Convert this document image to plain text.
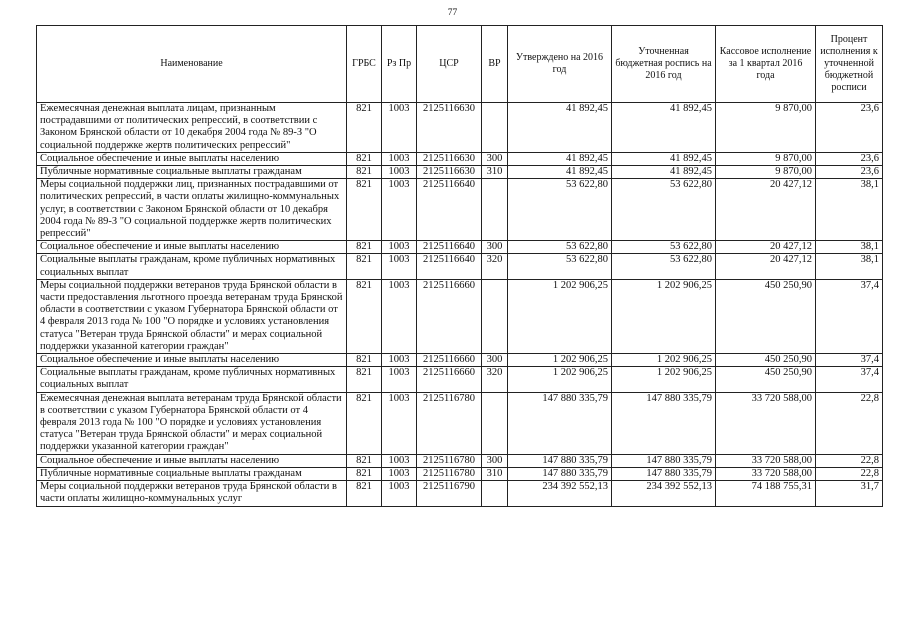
77
Наименование	ГРБС	Рз Пр	ЦСР	ВР	Утверждено на 2016 год	Уточненная бюджетная роспись на 2016 год	Кассовое исполнение за 1 квартал 2016 года	Процент исполнения к уточненной бюджетной росписи
Ежемесячная денежная выплата лицам, признанным пострадавшими от политических репрессий, в соответствии с Законом Брянской области от 10 декабря 2004 года № 89-З "О социальной поддержке жертв политических репрессий"	821	1003	2125116630		41 892,45	41 892,45	9 870,00	23,6
Социальное обеспечение и иные выплаты населению	821	1003	2125116630	300	41 892,45	41 892,45	9 870,00	23,6
Публичные нормативные социальные выплаты гражданам	821	1003	2125116630	310	41 892,45	41 892,45	9 870,00	23,6
Меры социальной поддержки лиц, признанных пострадавшими от политических репрессий, в части оплаты жилищно-коммунальных услуг, в соответствии с Законом Брянской области от 10 декабря 2004 года № 89-З "О социальной поддержке жертв политических репрессий"	821	1003	2125116640		53 622,80	53 622,80	20 427,12	38,1
Социальное обеспечение и иные выплаты населению	821	1003	2125116640	300	53 622,80	53 622,80	20 427,12	38,1
Социальные выплаты гражданам, кроме публичных нормативных социальных выплат	821	1003	2125116640	320	53 622,80	53 622,80	20 427,12	38,1
Меры социальной поддержки ветеранов труда Брянской области в части предоставления льготного проезда ветеранам труда Брянской области в соответствии с указом Губернатора Брянской области от 4 февраля 2013 года № 100 "О порядке и условиях установления статуса "Ветеран труда Брянской области" и мерах социальной поддержки указанной категории граждан"	821	1003	2125116660		1 202 906,25	1 202 906,25	450 250,90	37,4
Социальное обеспечение и иные выплаты населению	821	1003	2125116660	300	1 202 906,25	1 202 906,25	450 250,90	37,4
Социальные выплаты гражданам, кроме публичных нормативных социальных выплат	821	1003	2125116660	320	1 202 906,25	1 202 906,25	450 250,90	37,4
Ежемесячная денежная выплата ветеранам труда Брянской области в соответствии с указом Губернатора Брянской области от 4 февраля 2013 года № 100 "О порядке и условиях установления статуса "Ветеран труда Брянской области" и мерах социальной поддержки указанной категории граждан"	821	1003	2125116780		147 880 335,79	147 880 335,79	33 720 588,00	22,8
Социальное обеспечение и иные выплаты населению	821	1003	2125116780	300	147 880 335,79	147 880 335,79	33 720 588,00	22,8
Публичные нормативные социальные выплаты гражданам	821	1003	2125116780	310	147 880 335,79	147 880 335,79	33 720 588,00	22,8
Меры социальной поддержки ветеранов труда Брянской области в части оплаты жилищно-коммунальных услуг	821	1003	2125116790		234 392 552,13	234 392 552,13	74 188 755,31	31,7
